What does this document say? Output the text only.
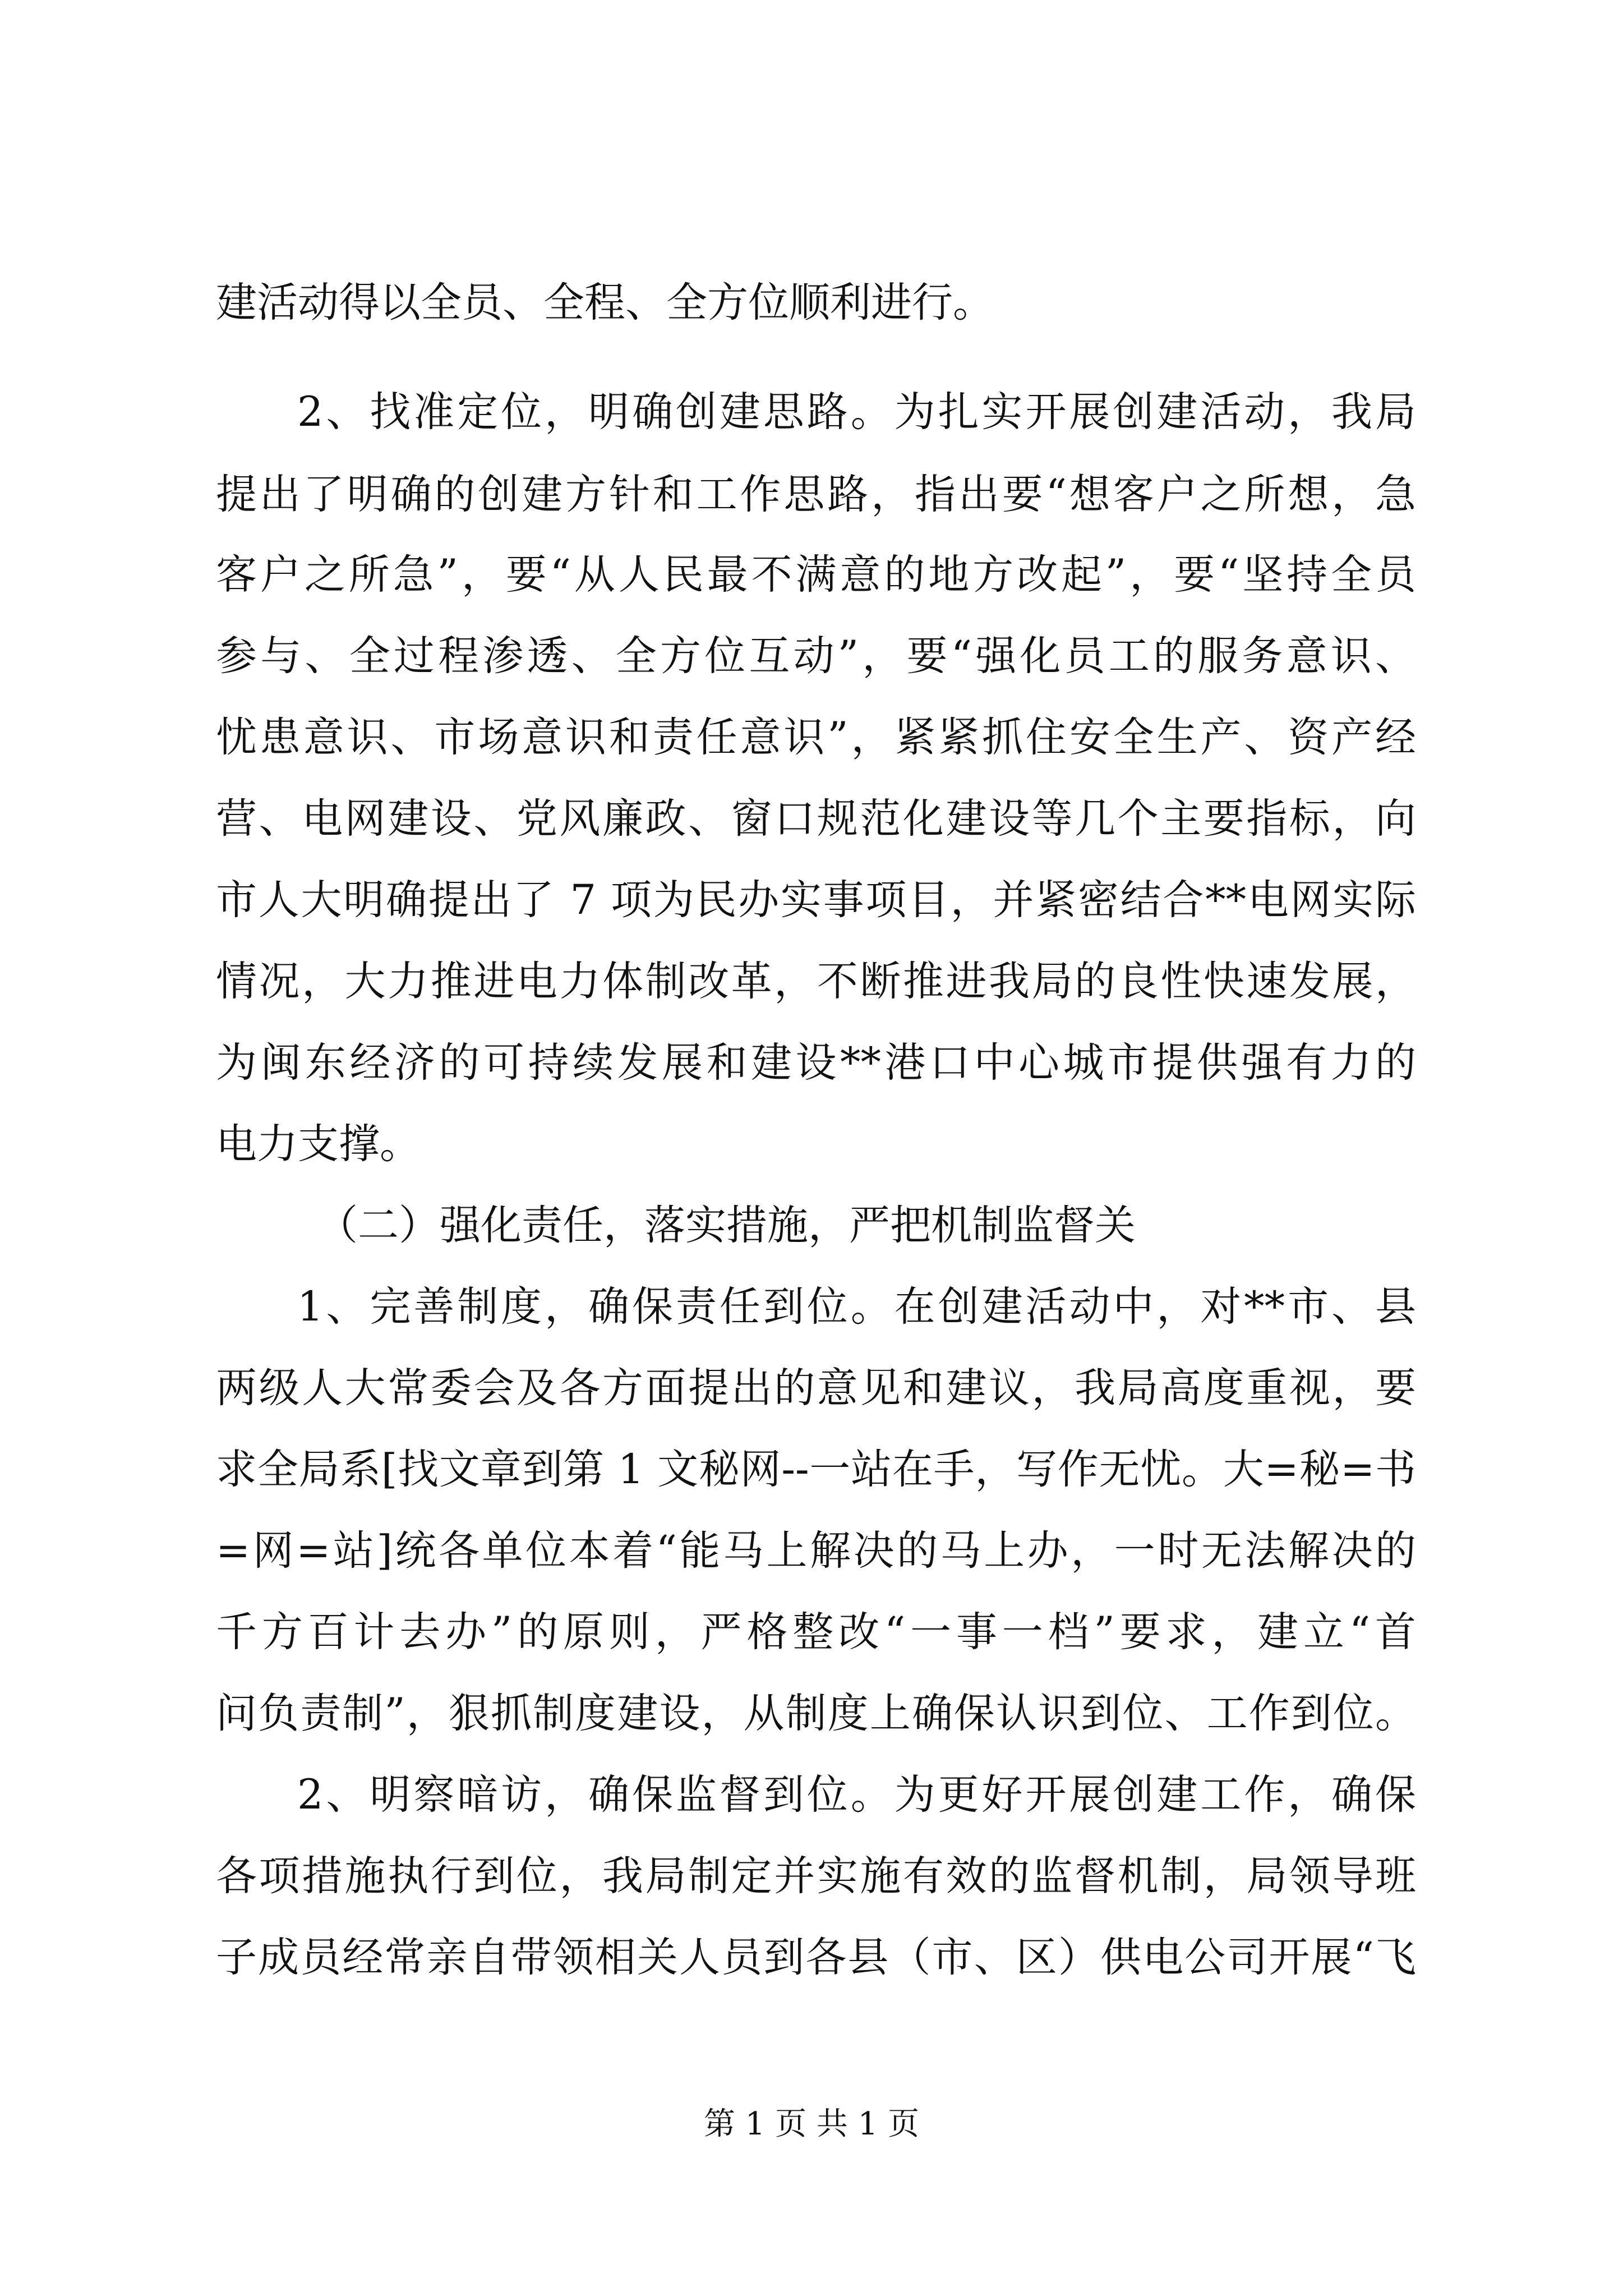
建活动得以全员、全程、全方位顺利进行。
2、找准定位，明确创建思路。为扎实开展创建活动，我局
提出了明确的创建方针和工作思路，指出要“想客户之所想，急
客户之所急”，要“从人民最不满意的地方改起”，要“坚持全员
参与、全过程渗透、全方位互动”，要“强化员工的服务意识、
忧患意识、市场意识和责任意识”，紧紧抓住安全生产、资产经
营、电网建设、党风廉政、窗口规范化建设等几个主要指标，向
市人大明确提出了 7 项为民办实事项目，并紧密结合**电网实际
情况，大力推进电力体制改革，不断推进我局的良性快速发展，
为闽东经济的可持续发展和建设**港口中心城市提供强有力的
电力支撑。
（二）强化责任，落实措施，严把机制监督关
1、完善制度，确保责任到位。在创建活动中，对**市、县
两级人大常委会及各方面提出的意见和建议，我局高度重视，要
求全局系[找文章到第 1 文秘网--一站在手，写作无忧。大=秘=书
=网=站]统各单位本着“能马上解决的马上办，一时无法解决的
千方百计去办”的原则，严格整改“一事一档”要求，建立“首
问负责制”，狠抓制度建设，从制度上确保认识到位、工作到位。
2、明察暗访，确保监督到位。为更好开展创建工作，确保
各项措施执行到位，我局制定并实施有效的监督机制，局领导班
子成员经常亲自带领相关人员到各县（市、区）供电公司开展“飞
第 1 页 共 1 页
